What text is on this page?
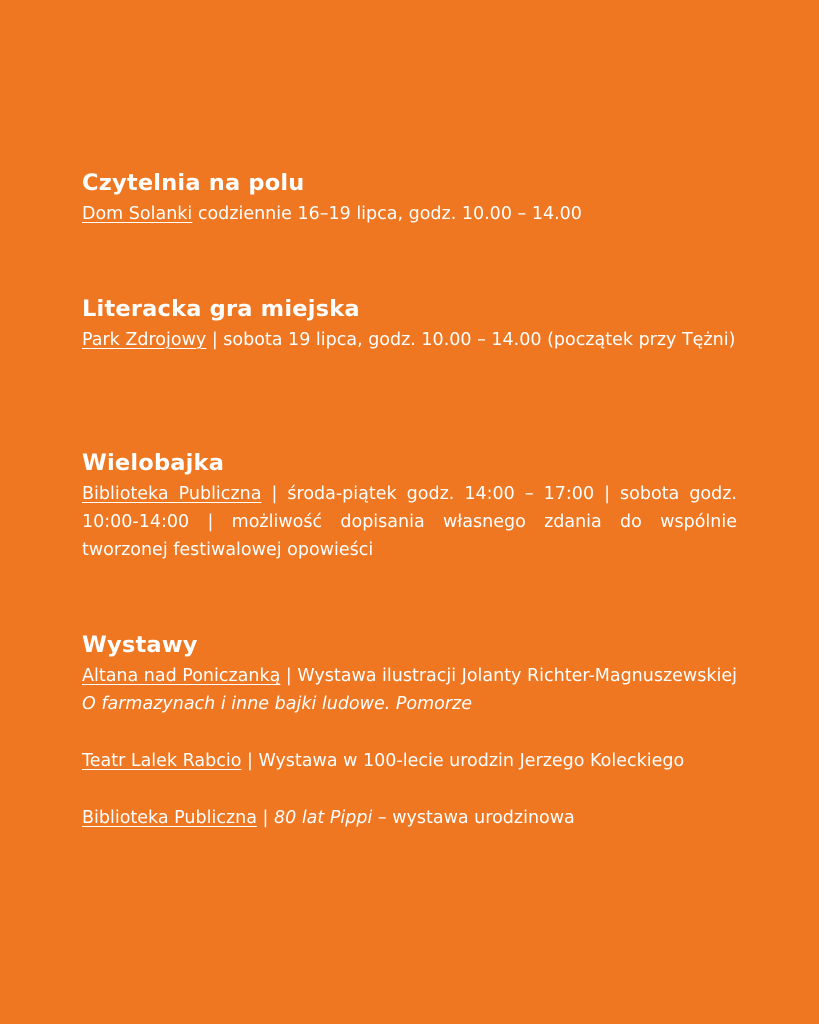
Czytelnia na polu

Dom Solanki codziennie 16–19 lipca, godz. 10.00 – 14.00

Literacka gra miejska

Park Zdrojowy | sobota 19 lipca, godz. 10.00 – 14.00 (początek przy Tężni)

Wielobajka

Biblioteka Publiczna | środa-piątek godz. 14:00 – 17:00 | sobota godz. 10:00-14:00 | możliwość dopisania własnego zdania do wspólnie tworzonej festiwalowej opowieści

Wystawy

Altana nad Poniczanką | Wystawa ilustracji Jolanty Richter-Magnuszewskiej O farmazynach i inne bajki ludowe. Pomorze

Teatr Lalek Rabcio | Wystawa w 100-lecie urodzin Jerzego Koleckiego

Biblioteka Publiczna | 80 lat Pippi – wystawa urodzinowa
